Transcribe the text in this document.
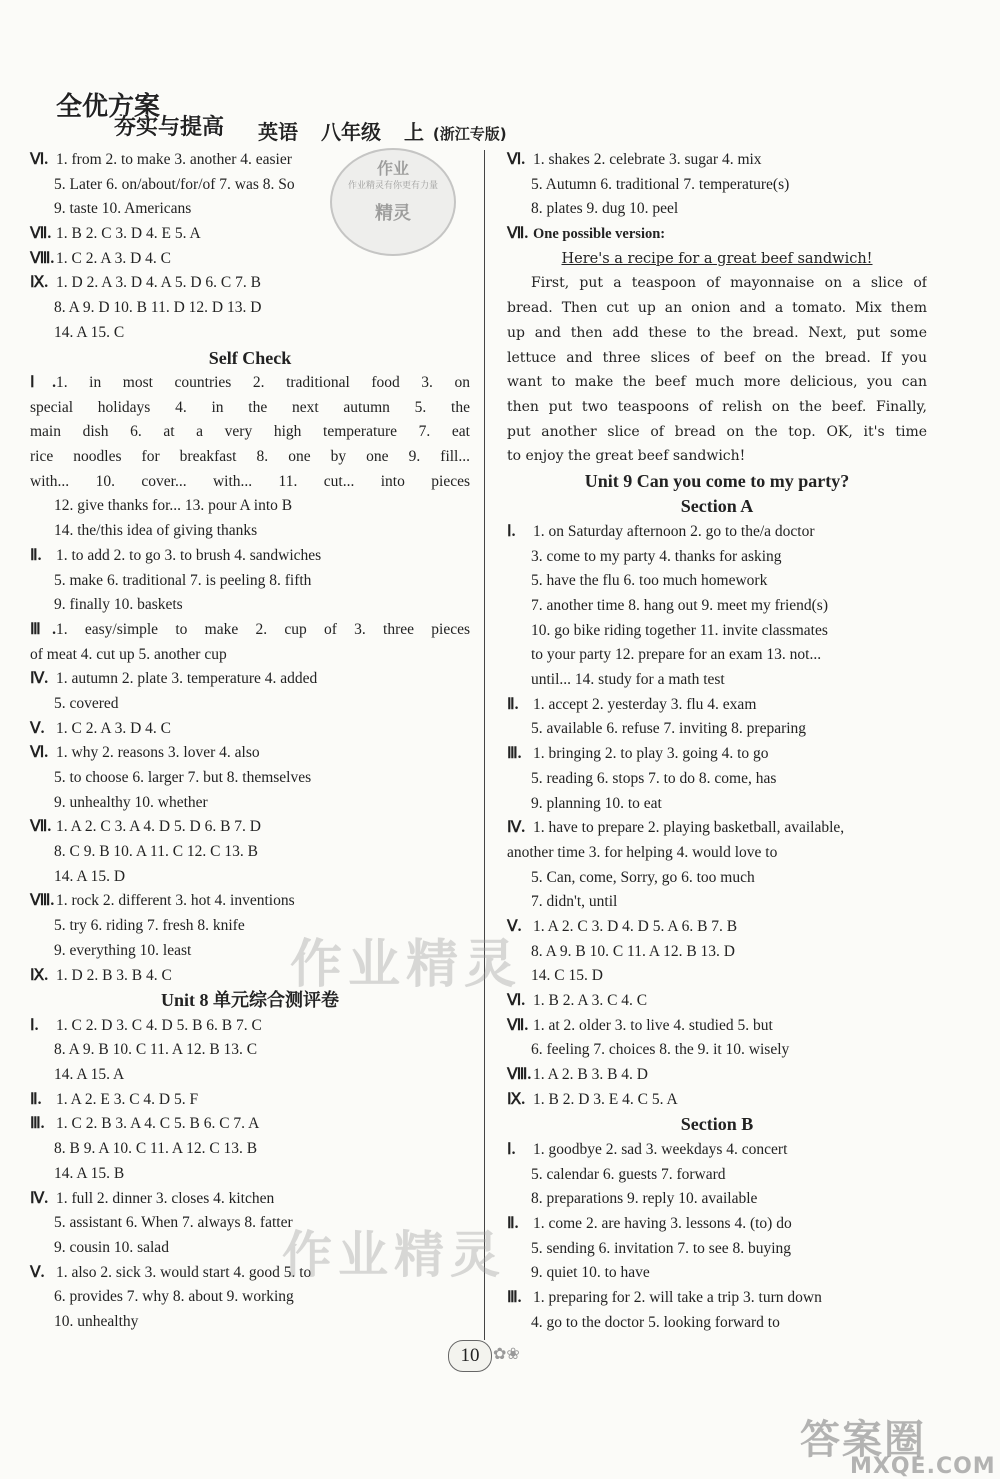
全优方案
夯实与提高 英语 八年级 上 (浙江专版)
Ⅵ. 1. from 2. to make 3. another 4. easier
5. Later 6. on/about/for/of 7. was 8. So
9. taste 10. Americans
Ⅶ. 1. B 2. C 3. D 4. E 5. A
Ⅷ. 1. C 2. A 3. D 4. C
Ⅸ. 1. D 2. A 3. D 4. A 5. D 6. C 7. B
8. A 9. D 10. B 11. D 12. D 13. D
14. A 15. C
Self Check
Ⅰ.1. in most countries 2. traditional food 3. on
special holidays 4. in the next autumn 5. the
main dish 6. at a very high temperature 7. eat
rice noodles for breakfast 8. one by one 9. fill...
with... 10. cover... with... 11. cut... into pieces
12. give thanks for... 13. pour A into B
14. the/this idea of giving thanks
Ⅱ. 1. to add 2. to go 3. to brush 4. sandwiches
5. make 6. traditional 7. is peeling 8. fifth
9. finally 10. baskets
Ⅲ.1. easy/simple to make 2. cup of 3. three pieces
of meat 4. cut up 5. another cup
Ⅳ. 1. autumn 2. plate 3. temperature 4. added
5. covered
Ⅴ. 1. C 2. A 3. D 4. C
Ⅵ. 1. why 2. reasons 3. lover 4. also
5. to choose 6. larger 7. but 8. themselves
9. unhealthy 10. whether
Ⅶ. 1. A 2. C 3. A 4. D 5. D 6. B 7. D
8. C 9. B 10. A 11. C 12. C 13. B
14. A 15. D
Ⅷ. 1. rock 2. different 3. hot 4. inventions
5. try 6. riding 7. fresh 8. knife
9. everything 10. least
Ⅸ. 1. D 2. B 3. B 4. C
Unit 8 单元综合测评卷
Ⅰ. 1. C 2. D 3. C 4. D 5. B 6. B 7. C
8. A 9. B 10. C 11. A 12. B 13. C
14. A 15. A
Ⅱ. 1. A 2. E 3. C 4. D 5. F
Ⅲ. 1. C 2. B 3. A 4. C 5. B 6. C 7. A
8. B 9. A 10. C 11. A 12. C 13. B
14. A 15. B
Ⅳ. 1. full 2. dinner 3. closes 4. kitchen
5. assistant 6. When 7. always 8. fatter
9. cousin 10. salad
Ⅴ. 1. also 2. sick 3. would start 4. good 5. to
6. provides 7. why 8. about 9. working
10. unhealthy
Ⅵ. 1. shakes 2. celebrate 3. sugar 4. mix
5. Autumn 6. traditional 7. temperature(s)
8. plates 9. dug 10. peel
Ⅶ. One possible version:
Here's a recipe for a great beef sandwich!
First, put a teaspoon of mayonnaise on a slice of
bread. Then cut up an onion and a tomato. Mix them
up and then add these to the bread. Next, put some
lettuce and three slices of beef on the bread. If you
want to make the beef much more delicious, you can
then put two teaspoons of relish on the beef. Finally,
put another slice of bread on the top. OK, it's time
to enjoy the great beef sandwich!
Unit 9 Can you come to my party?
Section A
Ⅰ. 1. on Saturday afternoon 2. go to the/a doctor
3. come to my party 4. thanks for asking
5. have the flu 6. too much homework
7. another time 8. hang out 9. meet my friend(s)
10. go bike riding together 11. invite classmates
to your party 12. prepare for an exam 13. not...
until... 14. study for a math test
Ⅱ. 1. accept 2. yesterday 3. flu 4. exam
5. available 6. refuse 7. inviting 8. preparing
Ⅲ. 1. bringing 2. to play 3. going 4. to go
5. reading 6. stops 7. to do 8. come, has
9. planning 10. to eat
Ⅳ. 1. have to prepare 2. playing basketball, available,
another time 3. for helping 4. would love to
5. Can, come, Sorry, go 6. too much
7. didn't, until
Ⅴ. 1. A 2. C 3. D 4. D 5. A 6. B 7. B
8. A 9. B 10. C 11. A 12. B 13. D
14. C 15. D
Ⅵ. 1. B 2. A 3. C 4. C
Ⅶ. 1. at 2. older 3. to live 4. studied 5. but
6. feeling 7. choices 8. the 9. it 10. wisely
Ⅷ. 1. A 2. B 3. B 4. D
Ⅸ. 1. B 2. D 3. E 4. C 5. A
Section B
Ⅰ. 1. goodbye 2. sad 3. weekdays 4. concert
5. calendar 6. guests 7. forward
8. preparations 9. reply 10. available
Ⅱ. 1. come 2. are having 3. lessons 4. (to) do
5. sending 6. invitation 7. to see 8. buying
9. quiet 10. to have
Ⅲ. 1. preparing for 2. will take a trip 3. turn down
4. go to the doctor 5. looking forward to
作业
作业精灵有你更有力量
精灵
作业精灵
作业精灵
10 ✿❀
答案圈
MXQE.COM
